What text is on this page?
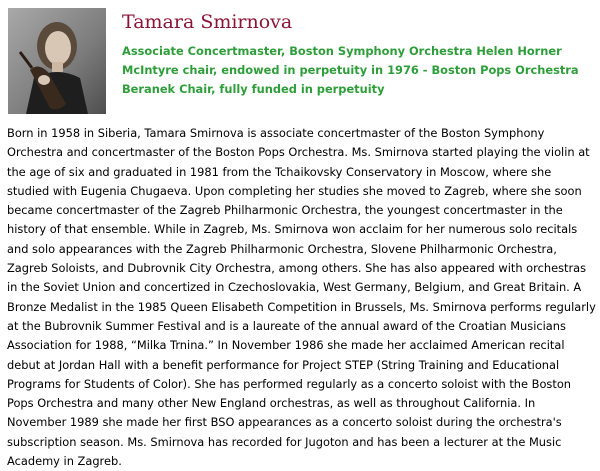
Tamara Smirnova

Associate Concertmaster, Boston Symphony Orchestra Helen Horner McIntyre chair, endowed in perpetuity in 1976 - Boston Pops Orchestra Beranek Chair, fully funded in perpetuity

Born in 1958 in Siberia, Tamara Smirnova is associate concertmaster of the Boston Symphony Orchestra and concertmaster of the Boston Pops Orchestra. Ms. Smirnova started playing the violin at the age of six and graduated in 1981 from the Tchaikovsky Conservatory in Moscow, where she studied with Eugenia Chugaeva. Upon completing her studies she moved to Zagreb, where she soon became concertmaster of the Zagreb Philharmonic Orchestra, the youngest concertmaster in the history of that ensemble. While in Zagreb, Ms. Smirnova won acclaim for her numerous solo recitals and solo appearances with the Zagreb Philharmonic Orchestra, Slovene Philharmonic Orchestra, Zagreb Soloists, and Dubrovnik City Orchestra, among others. She has also appeared with orchestras in the Soviet Union and concertized in Czechoslovakia, West Germany, Belgium, and Great Britain. A Bronze Medalist in the 1985 Queen Elisabeth Competition in Brussels, Ms. Smirnova performs regularly at the Bubrovnik Summer Festival and is a laureate of the annual award of the Croatian Musicians Association for 1988, “Milka Trnina.” In November 1986 she made her acclaimed American recital debut at Jordan Hall with a benefit performance for Project STEP (String Training and Educational Programs for Students of Color). She has performed regularly as a concerto soloist with the Boston Pops Orchestra and many other New England orchestras, as well as throughout California. In November 1989 she made her first BSO appearances as a concerto soloist during the orchestra's subscription season. Ms. Smirnova has recorded for Jugoton and has been a lecturer at the Music Academy in Zagreb.
